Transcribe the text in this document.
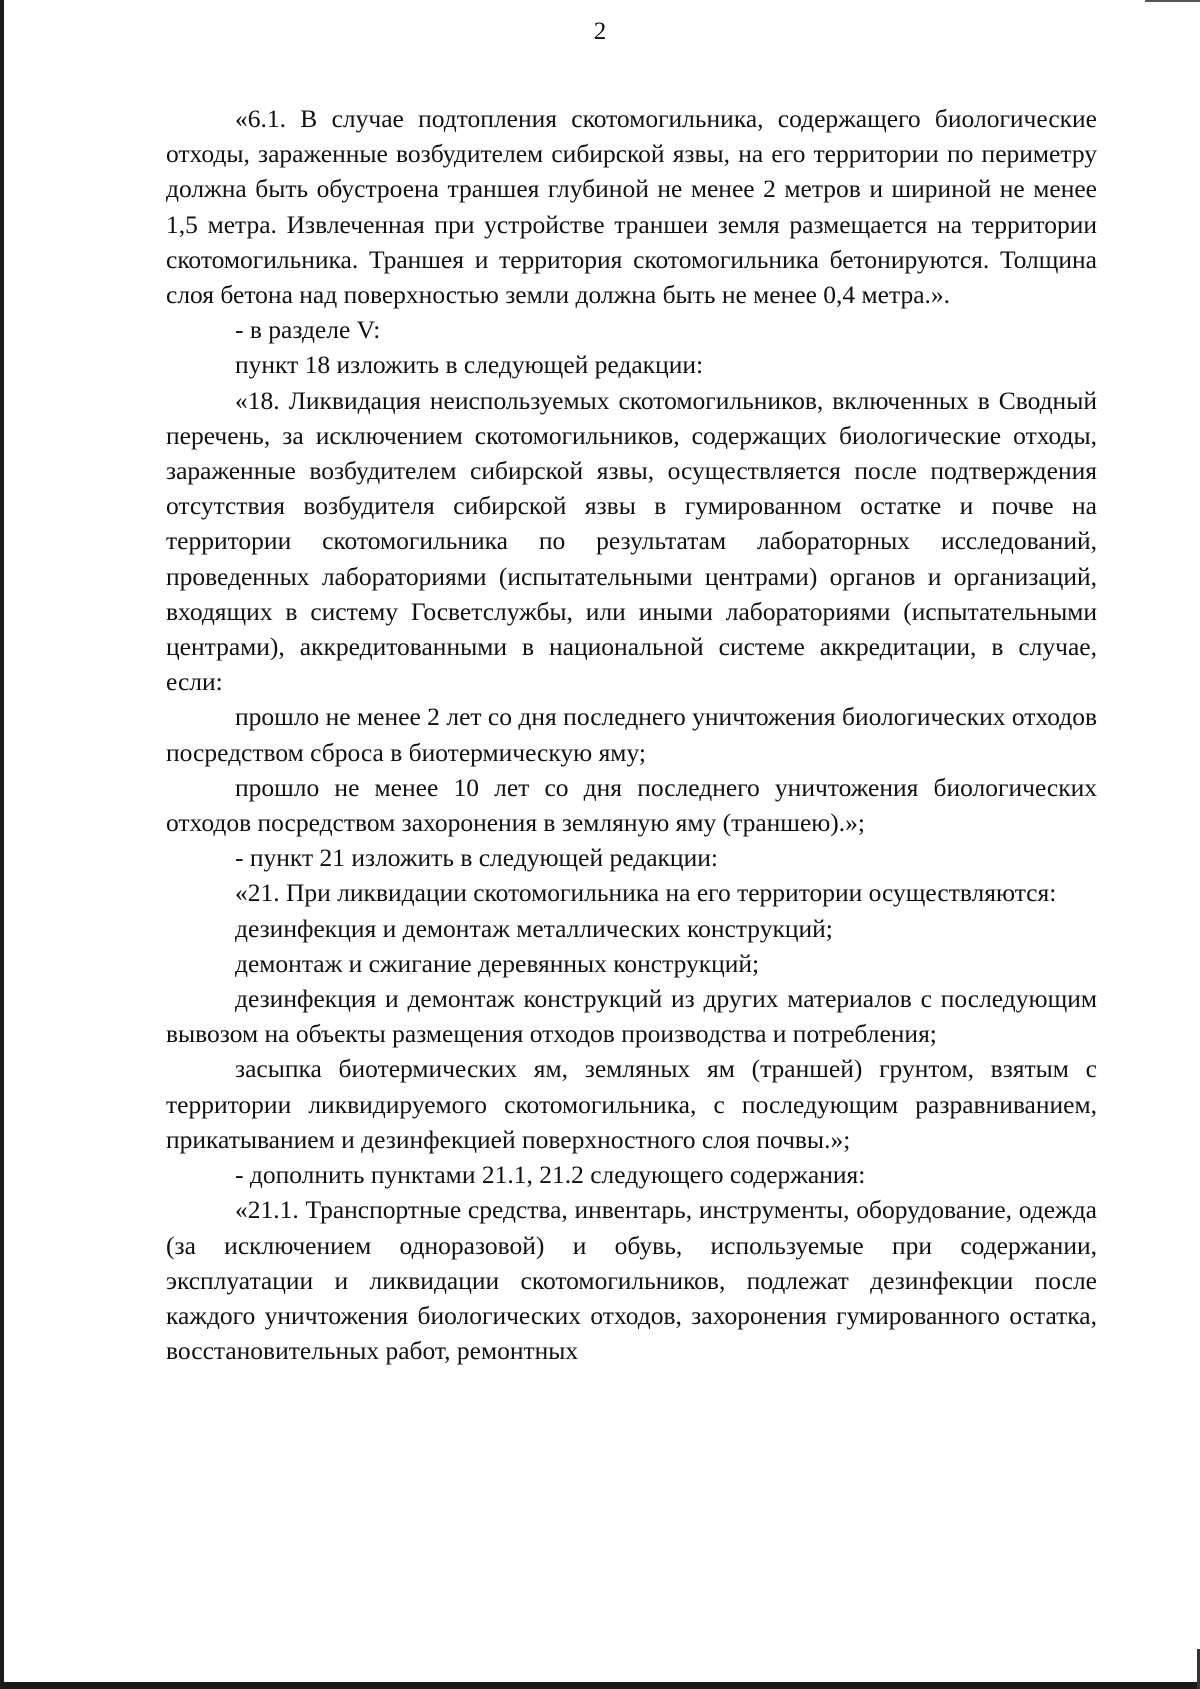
2

«6.1. В случае подтопления скотомогильника, содержащего биологические отходы, зараженные возбудителем сибирской язвы, на его территории по периметру должна быть обустроена траншея глубиной не менее 2 метров и шириной не менее 1,5 метра. Извлеченная при устройстве траншеи земля размещается на территории скотомогильника. Траншея и территория скотомогильника бетонируются. Толщина слоя бетона над поверхностью земли должна быть не менее 0,4 метра.».

- в разделе V:

пункт 18 изложить в следующей редакции:

«18. Ликвидация неиспользуемых скотомогильников, включенных в Сводный перечень, за исключением скотомогильников, содержащих биологические отходы, зараженные возбудителем сибирской язвы, осуществляется после подтверждения отсутствия возбудителя сибирской язвы в гумированном остатке и почве на территории скотомогильника по результатам лабораторных исследований, проведенных лабораториями (испытательными центрами) органов и организаций, входящих в систему Госветслужбы, или иными лабораториями (испытательными центрами), аккредитованными в национальной системе аккредитации, в случае, если:

прошло не менее 2 лет со дня последнего уничтожения биологических отходов посредством сброса в биотермическую яму;

прошло не менее 10 лет со дня последнего уничтожения биологических отходов посредством захоронения в земляную яму (траншею).»;

- пункт 21 изложить в следующей редакции:

«21. При ликвидации скотомогильника на его территории осуществляются:

дезинфекция и демонтаж металлических конструкций;

демонтаж и сжигание деревянных конструкций;

дезинфекция и демонтаж конструкций из других материалов с последующим вывозом на объекты размещения отходов производства и потребления;

засыпка биотермических ям, земляных ям (траншей) грунтом, взятым с территории ликвидируемого скотомогильника, с последующим разравниванием, прикатыванием и дезинфекцией поверхностного слоя почвы.»;

- дополнить пунктами 21.1, 21.2 следующего содержания:

«21.1. Транспортные средства, инвентарь, инструменты, оборудование, одежда (за исключением одноразовой) и обувь, используемые при содержании, эксплуатации и ликвидации скотомогильников, подлежат дезинфекции после каждого уничтожения биологических отходов, захоронения гумированного остатка, восстановительных работ, ремонтных
